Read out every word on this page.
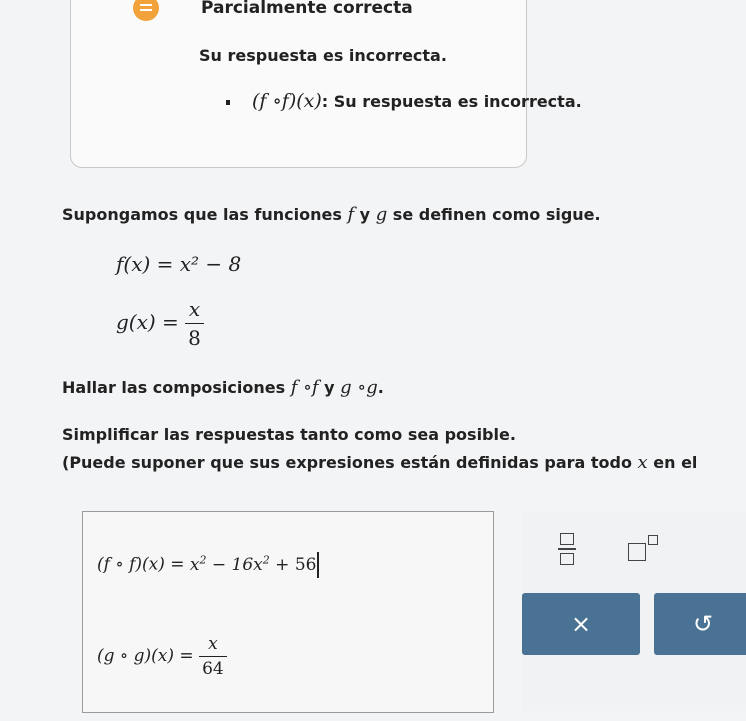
Parcialmente correcta
Su respuesta es incorrecta.
(f ∘f)(x): Su respuesta es incorrecta.
Supongamos que las funciones f y g se definen como sigue.
f(x) = x² − 8
$g(x) = \frac{x}{8}$
Hallar las composiciones f ∘f y g ∘g.
Simplificar las respuestas tanto como sea posible.
(Puede suponer que sus expresiones están definidas para todo x en el
(f ∘ $f)(x) = x^2 - 16x^2 + 56$
(g ∘ $g)(x) = \frac{x}{64}$
×	↺
